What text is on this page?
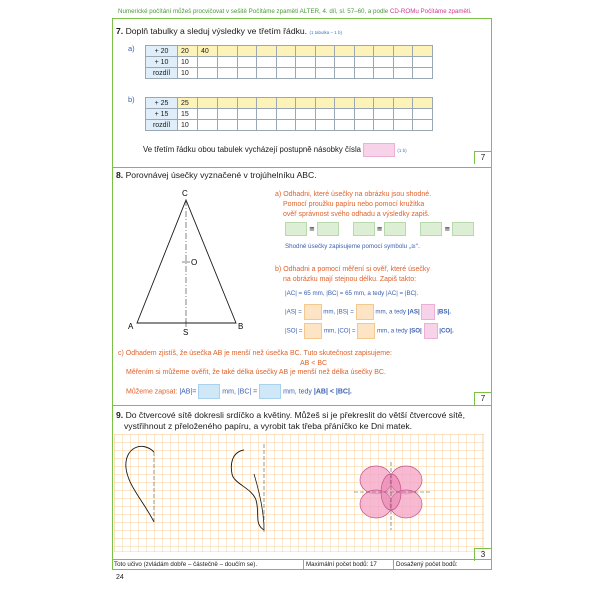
Numerické počítání můžeš procvičovat v sešitě Počítáme zpaměti ALTER, 4. díl, sl. 57–60, a podle CD-ROMu Počítáme zpaměti.
7. Doplň tabulky a sleduj výsledky ve třetím řádku. (1 tabulka – 1 b)
a)	+ 20	20	40											
+ 10	10												
rozdíl	10												
b)	+ 25	25												
+ 15	15												
rozdíl	10												
Ve třetím řádku obou tabulek vycházejí postupně násobky čísla	(1 b)
7
8. Porovnávej úsečky vyznačené v trojúhelníku ABC.
C
O
A	B
S
a) Odhadni, které úsečky na obrázku jsou shodné.
Pomocí proužku papíru nebo pomocí kružítka
ověř správnost svého odhadu a výsledky zapiš.
≅	≅	≅
Shodné úsečky zapisujeme pomocí symbolu „≅“.
b) Odhadni a pomocí měření si ověř, které úsečky
na obrázku mají stejnou délku. Zapiš takto:
|AC| = 65 mm, |BC| = 65 mm, a tedy |AC| = |BC|.
|AS| =	mm, |BS| =	mm, a tedy |AS|	|BS|.
|SO| =	mm, |CO| =	mm, a tedy |SO|	|CO|.
c) Odhadem zjistíš, že úsečka AB je menší než úsečka BC. Tuto skutečnost zapisujeme:
AB < BC
Měřením si můžeme ověřit, že také délka úsečky AB je menší než délka úsečky BC.
Můžeme zapsat: |AB|=	mm, |BC| =	mm, tedy |AB| < |BC|.
7
9. Do čtvercové sítě dokresli srdíčko a květiny. Můžeš si je překreslit do větší čtvercové sítě,
vystřihnout z přeloženého papíru, a vyrobit tak třeba přáníčko ke Dni matek.
3
Toto učivo (zvládám dobře – částečně – doučím se).	Maximální počet bodů: 17	Dosažený počet bodů:
24
